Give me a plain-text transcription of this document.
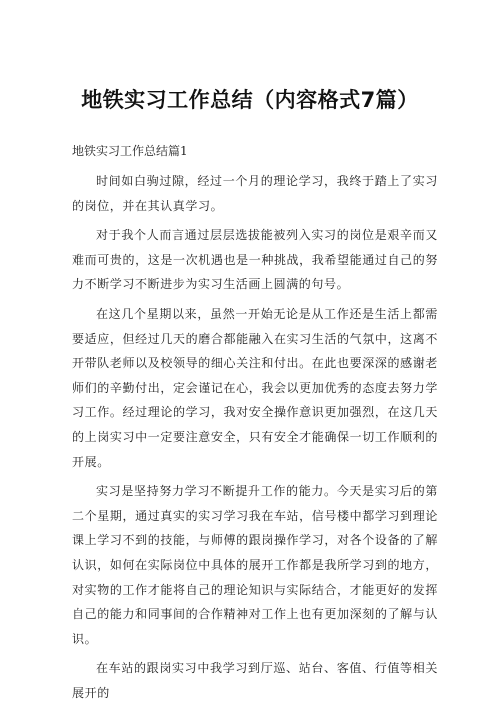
地铁实习工作总结（内容格式7篇）
地铁实习工作总结篇1

时间如白驹过隙，经过一个月的理论学习，我终于踏上了实习的岗位，并在其认真学习。

对于我个人而言通过层层选拔能被列入实习的岗位是艰辛而又难而可贵的，这是一次机遇也是一种挑战，我希望能通过自己的努力不断学习不断进步为实习生活画上圆满的句号。

在这几个星期以来，虽然一开始无论是从工作还是生活上都需要适应，但经过几天的磨合都能融入在实习生活的气氛中，这离不开带队老师以及校领导的细心关注和付出。在此也要深深的感谢老师们的辛勤付出，定会谨记在心，我会以更加优秀的态度去努力学习工作。经过理论的学习，我对安全操作意识更加强烈，在这几天的上岗实习中一定要注意安全，只有安全才能确保一切工作顺利的开展。

实习是坚持努力学习不断提升工作的能力。今天是实习后的第二个星期，通过真实的实习学习我在车站，信号楼中都学习到理论课上学习不到的技能，与师傅的跟岗操作学习，对各个设备的了解认识，如何在实际岗位中具体的展开工作都是我所学习到的地方，对实物的工作才能将自己的理论知识与实际结合，才能更好的发挥自己的能力和同事间的合作精神对工作上也有更加深刻的了解与认识。

在车站的跟岗实习中我学习到厅巡、站台、客值、行值等相关展开的
